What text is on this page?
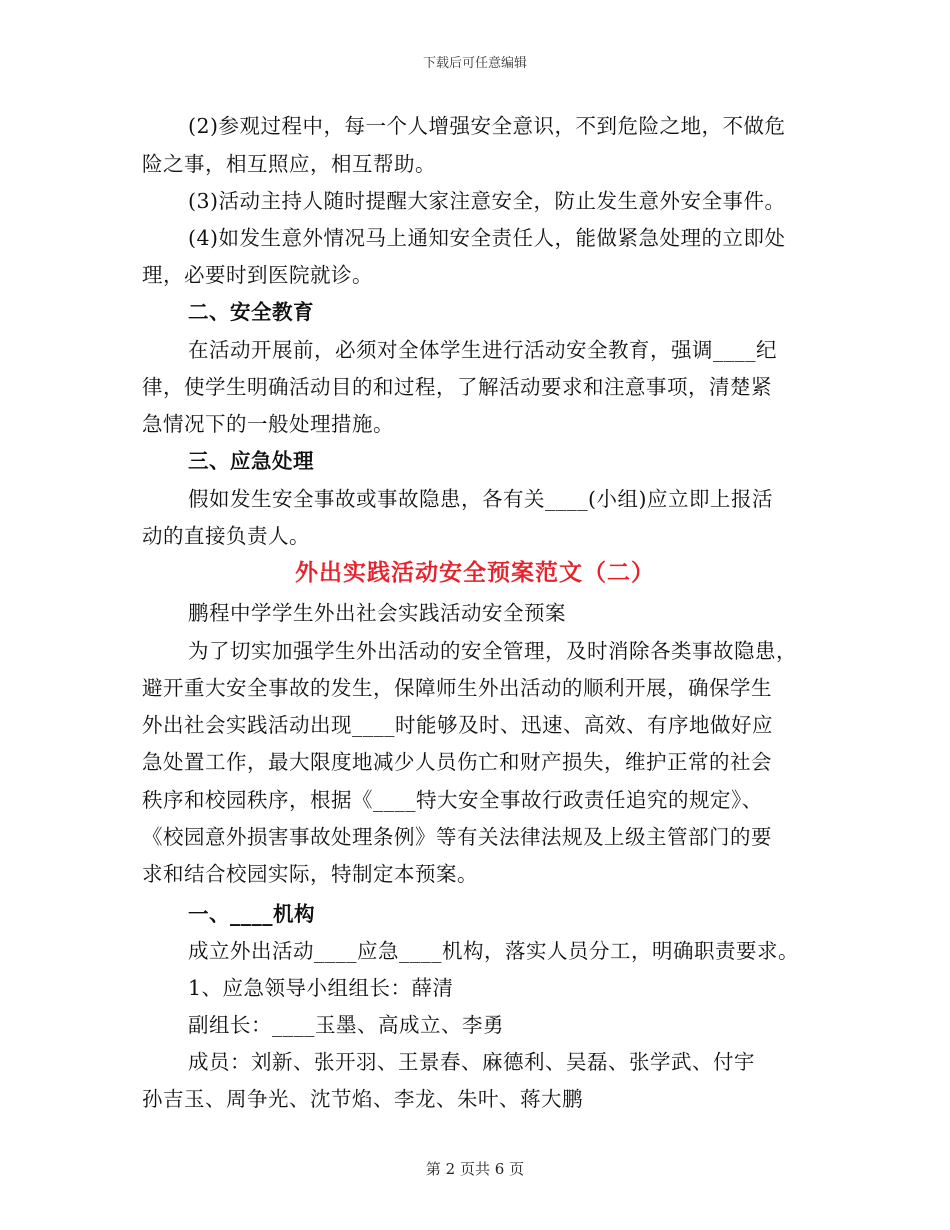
下载后可任意编辑
(2)参观过程中，每一个人增强安全意识，不到危险之地，不做危
险之事，相互照应，相互帮助。
(3)活动主持人随时提醒大家注意安全，防止发生意外安全事件。
(4)如发生意外情况马上通知安全责任人，能做紧急处理的立即处
理，必要时到医院就诊。
二、安全教育
在活动开展前，必须对全体学生进行活动安全教育，强调____纪
律，使学生明确活动目的和过程，了解活动要求和注意事项，清楚紧
急情况下的一般处理措施。
三、应急处理
假如发生安全事故或事故隐患，各有关____(小组)应立即上报活
动的直接负责人。
外出实践活动安全预案范文（二）
鹏程中学学生外出社会实践活动安全预案
为了切实加强学生外出活动的安全管理，及时消除各类事故隐患，
避开重大安全事故的发生，保障师生外出活动的顺利开展，确保学生
外出社会实践活动出现____时能够及时、迅速、高效、有序地做好应
急处置工作，最大限度地减少人员伤亡和财产损失，维护正常的社会
秩序和校园秩序，根据《____特大安全事故行政责任追究的规定》、
《校园意外损害事故处理条例》等有关法律法规及上级主管部门的要
求和结合校园实际，特制定本预案。
一、____机构
成立外出活动____应急____机构，落实人员分工，明确职责要求。
1、应急领导小组组长：薛清
副组长：____玉墨、高成立、李勇
成员：刘新、张开羽、王景春、麻德利、吴磊、张学武、付宇
孙吉玉、周争光、沈节焰、李龙、朱叶、蒋大鹏
第 2 页共 6 页
